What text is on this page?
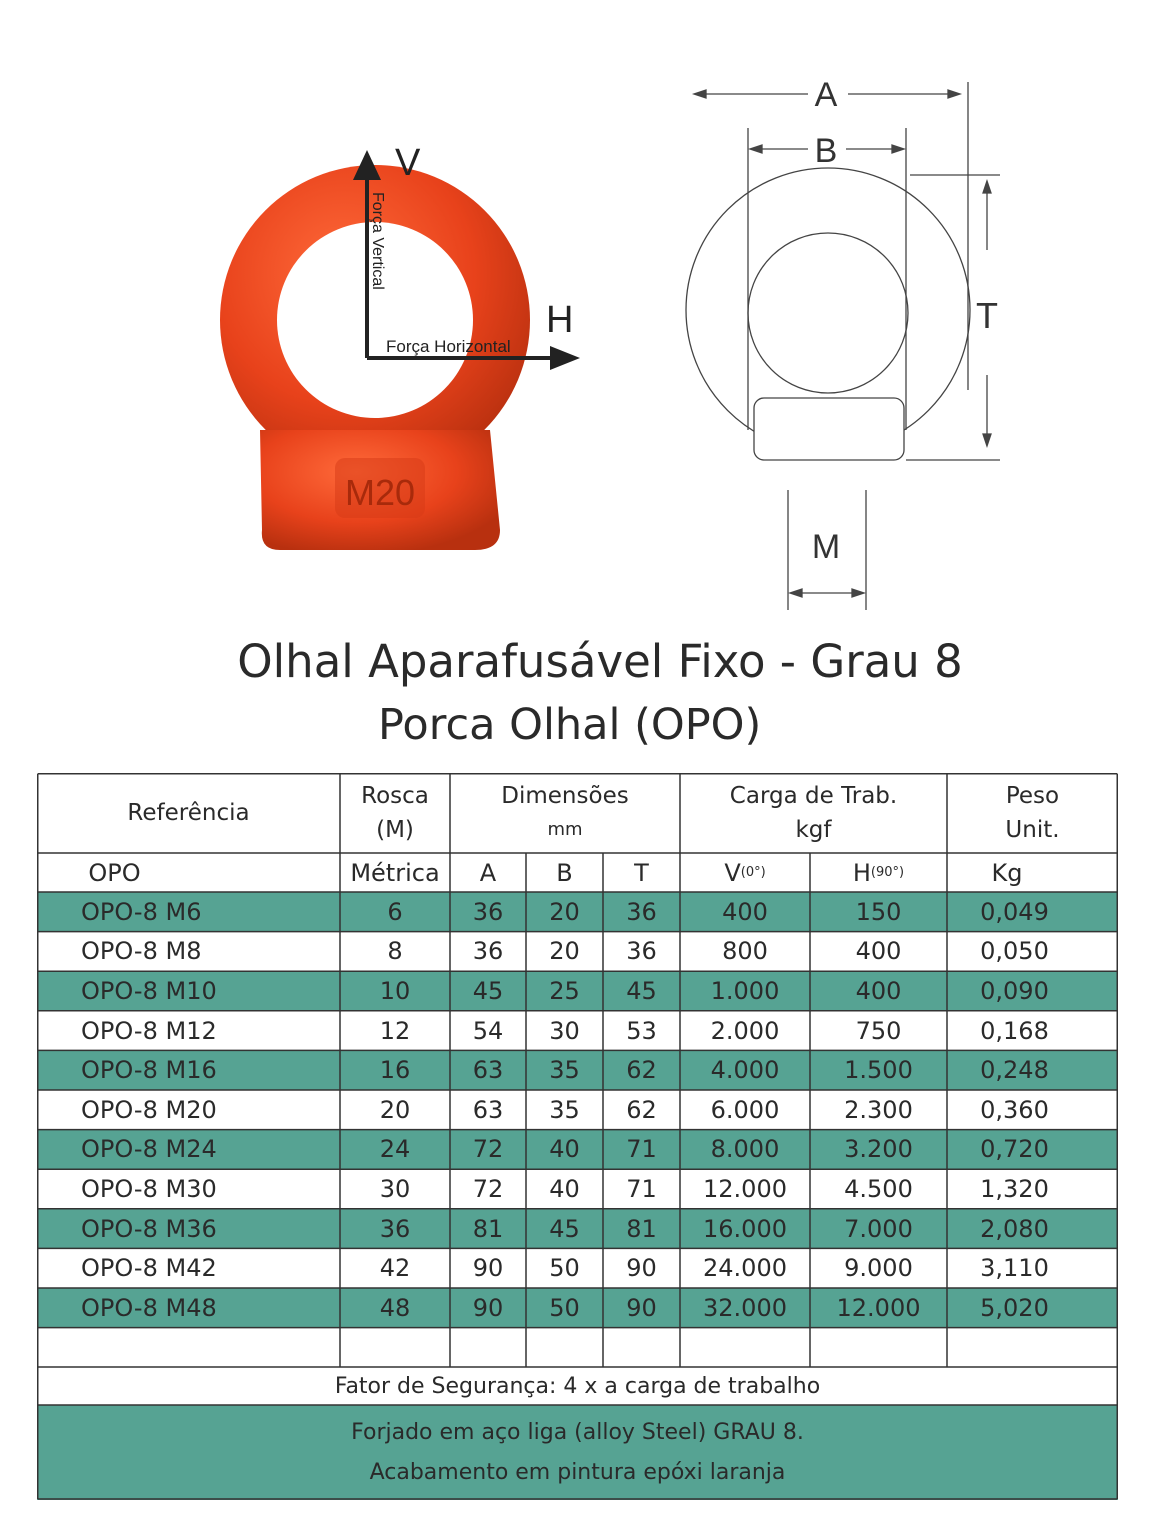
M20
V
H
Força Vertical
Força Horizontal
A
B
T
M
Olhal Aparafusável Fixo - Grau 8
Porca Olhal (OPO)
Referência
Rosca
(M)
Dimensões
mm
Carga de Trab.
kgf
Peso
Unit.
OPO	Métrica	A	B	T	V (0°)	H (90°)	Kg
OPO-8 M6	6	36	20	36	400	150	0,049
OPO-8 M8	8	36	20	36	800	400	0,050
OPO-8 M10	10	45	25	45	1.000	400	0,090
OPO-8 M12	12	54	30	53	2.000	750	0,168
OPO-8 M16	16	63	35	62	4.000	1.500	0,248
OPO-8 M20	20	63	35	62	6.000	2.300	0,360
OPO-8 M24	24	72	40	71	8.000	3.200	0,720
OPO-8 M30	30	72	40	71	12.000	4.500	1,320
OPO-8 M36	36	81	45	81	16.000	7.000	2,080
OPO-8 M42	42	90	50	90	24.000	9.000	3,110
OPO-8 M48	48	90	50	90	32.000	12.000	5,020
Fator de Segurança: 4 x a carga de trabalho
Forjado em aço liga (alloy Steel) GRAU 8.
Acabamento em pintura epóxi laranja
